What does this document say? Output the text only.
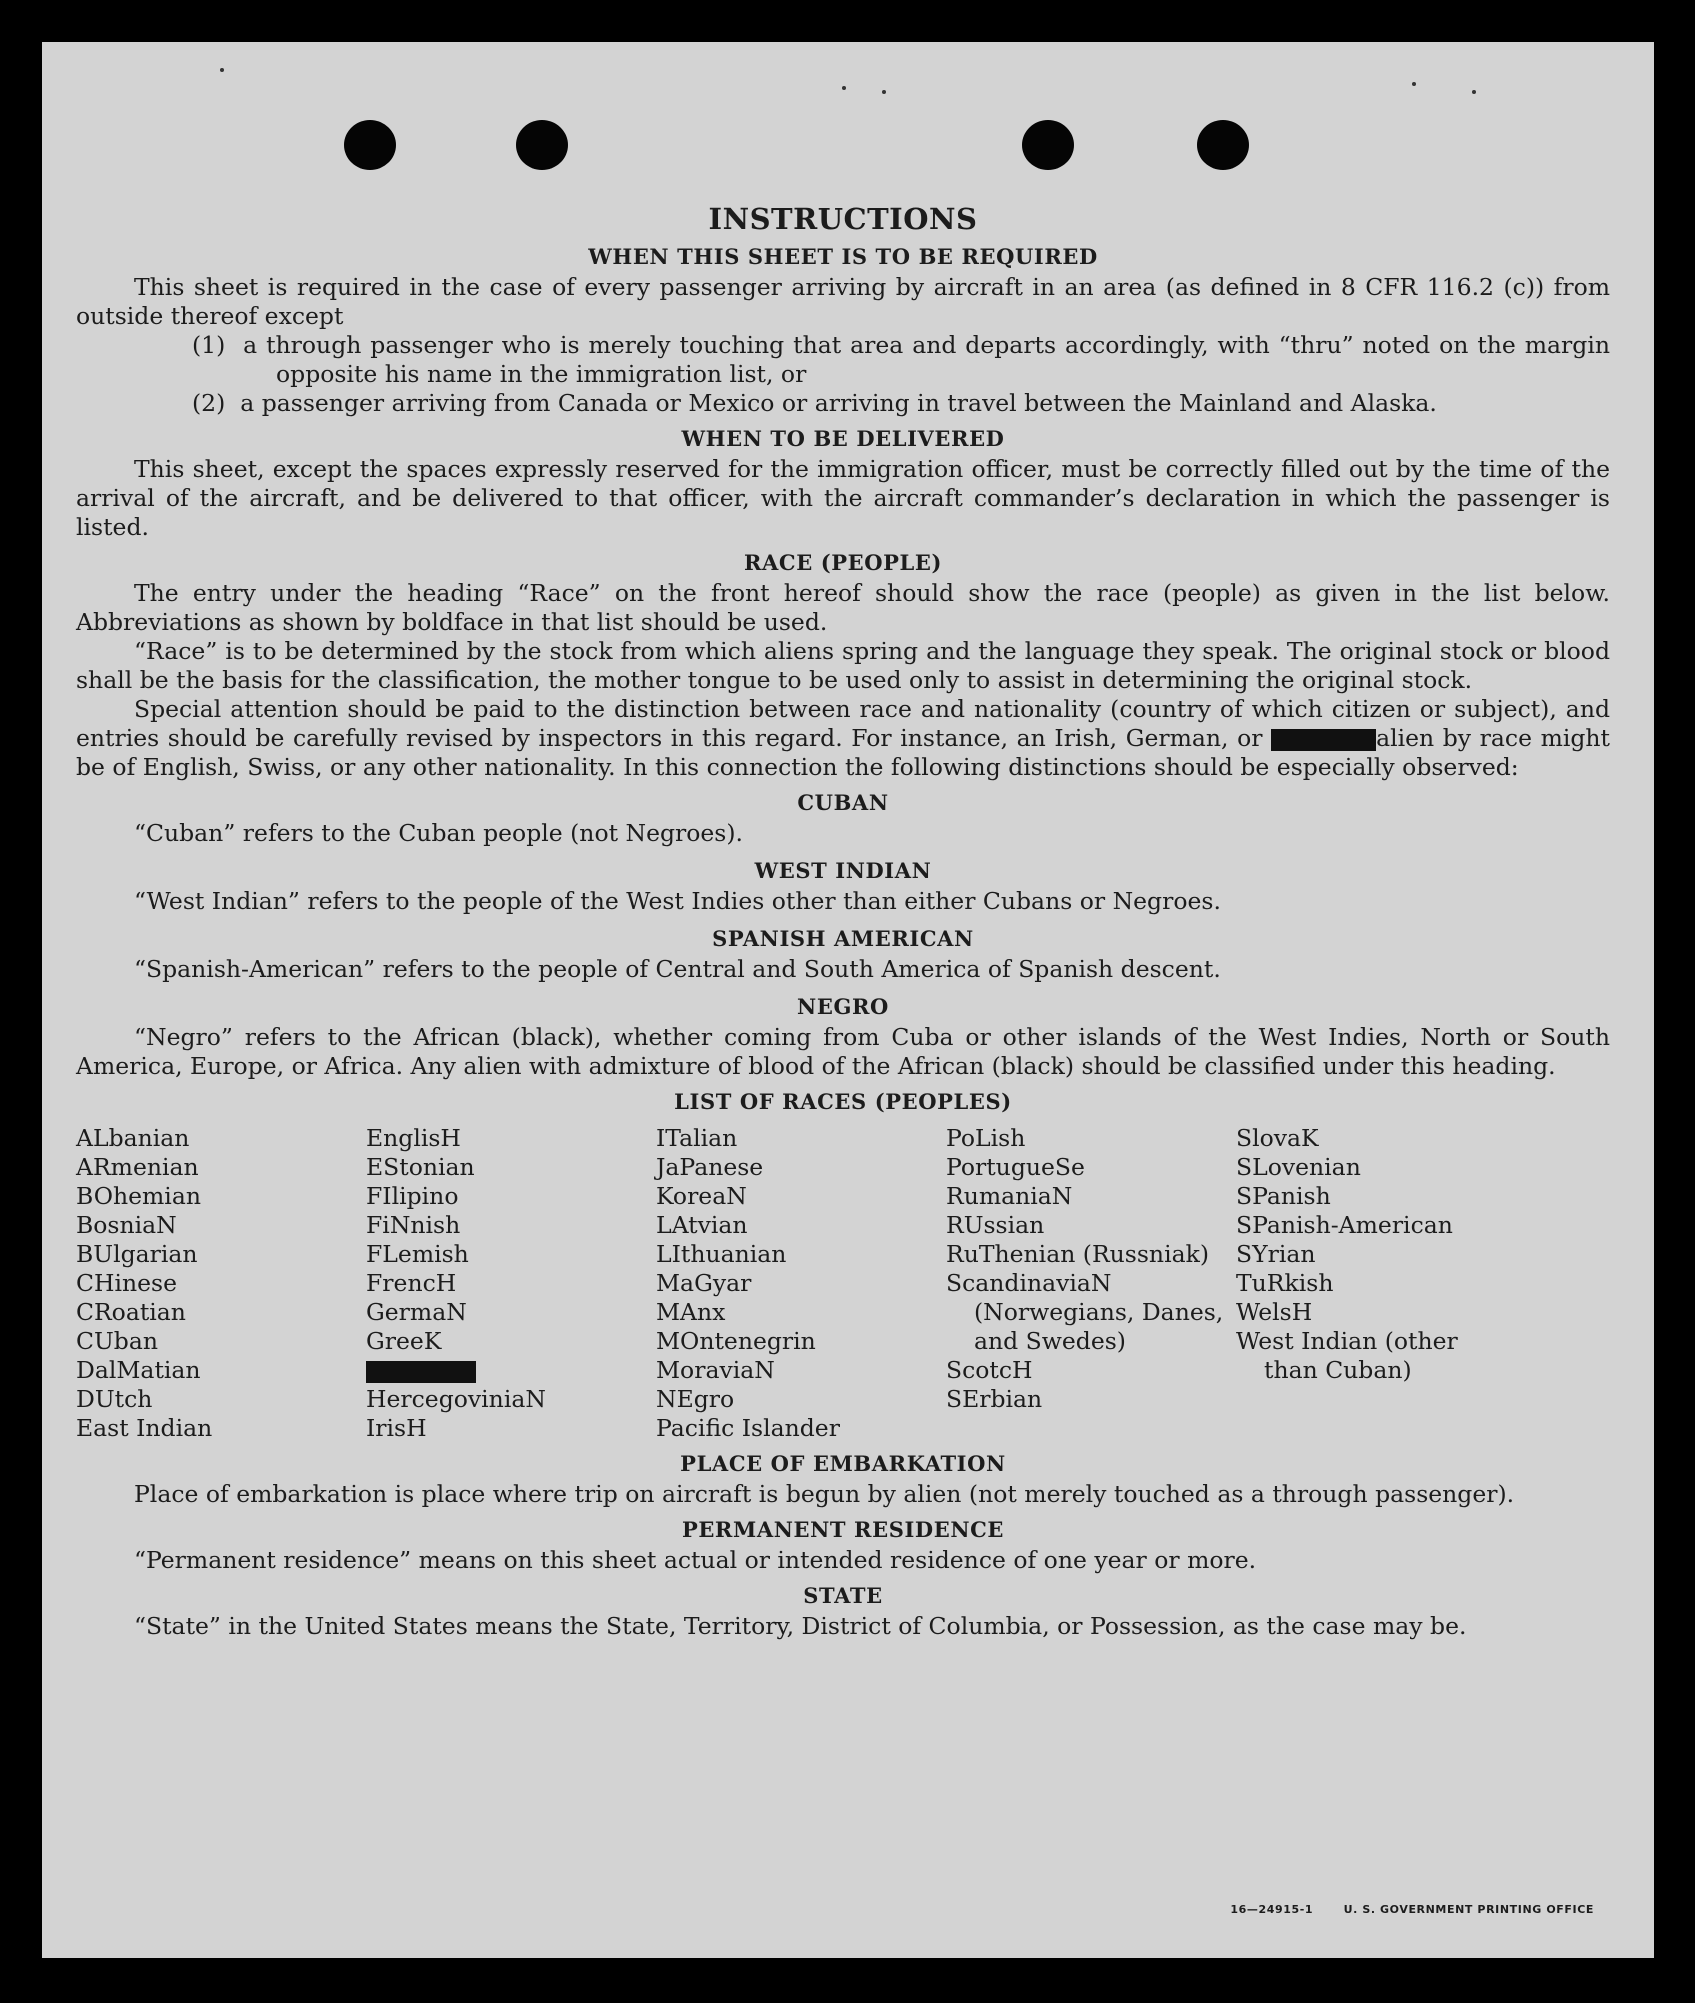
INSTRUCTIONS
WHEN THIS SHEET IS TO BE REQUIRED

This sheet is required in the case of every passenger arriving by aircraft in an area (as defined in 8 CFR 116.2 (c)) from outside thereof except

(1) a through passenger who is merely touching that area and departs accordingly, with “thru” noted on the margin opposite his name in the immigration list, or
(2) a passenger arriving from Canada or Mexico or arriving in travel between the Mainland and Alaska.
WHEN TO BE DELIVERED

This sheet, except the spaces expressly reserved for the immigration officer, must be correctly filled out by the time of the arrival of the aircraft, and be delivered to that officer, with the aircraft commander’s declaration in which the passenger is listed.

RACE (PEOPLE)

The entry under the heading “Race” on the front hereof should show the race (people) as given in the list below. Abbreviations as shown by boldface in that list should be used.

“Race” is to be determined by the stock from which aliens spring and the language they speak. The original stock or blood shall be the basis for the classification, the mother tongue to be used only to assist in determining the original stock.

Special attention should be paid to the distinction between race and nationality (country of which citizen or subject), and entries should be carefully revised by inspectors in this regard. For instance, an Irish, German, or	alien by race might be of English, Swiss, or any other nationality. In this connection the following distinctions should be especially observed:

CUBAN

“Cuban” refers to the Cuban people (not Negroes).

WEST INDIAN

“West Indian” refers to the people of the West Indies other than either Cubans or Negroes.

SPANISH AMERICAN

“Spanish-American” refers to the people of Central and South America of Spanish descent.

NEGRO

“Negro” refers to the African (black), whether coming from Cuba or other islands of the West Indies, North or South America, Europe, or Africa. Any alien with admixture of blood of the African (black) should be classified under this heading.

LIST OF RACES (PEOPLES)
ALbanian
ARmenian
BOhemian
BosniaN
BUlgarian
CHinese
CRoatian
CUban
DalMatian
DUtch
East Indian
EnglisH
EStonian
FIlipino
FiNnish
FLemish
FrencH
GermaN
GreeK
HercegoviniaN
IrisH
ITalian
JaPanese
KoreaN
LAtvian
LIthuanian
MaGyar
MAnx
MOntenegrin
MoraviaN
NEgro
Pacific Islander
PoLish
PortugueSe
RumaniaN
RUssian
RuThenian (Russniak)
ScandinaviaN (Norwegians, Danes, and Swedes)
ScotcH
SErbian
SlovaK
SLovenian
SPanish
SPanish-American
SYrian
TuRkish
WelsH
West Indian (other than Cuban)
PLACE OF EMBARKATION

Place of embarkation is place where trip on aircraft is begun by alien (not merely touched as a through passenger).

PERMANENT RESIDENCE

“Permanent residence” means on this sheet actual or intended residence of one year or more.

STATE

“State” in the United States means the State, Territory, District of Columbia, or Possession, as the case may be.

16—24915-1	U. S. GOVERNMENT PRINTING OFFICE
